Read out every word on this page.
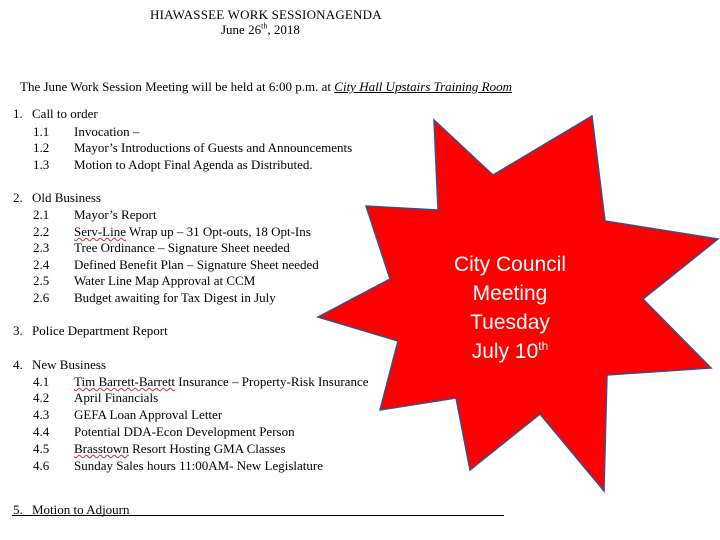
HIAWASSEE WORK SESSIONAGENDA
June 26th, 2018
The June Work Session Meeting will be held at 6:00 p.m. at City Hall Upstairs Training Room
1. Call to order
1.1 Invocation –
1.2 Mayor’s Introductions of Guests and Announcements
1.3 Motion to Adopt Final Agenda as Distributed.
2. Old Business
2.1 Mayor’s Report
2.2 Serv-Line Wrap up – 31 Opt-outs, 18 Opt-Ins
2.3 Tree Ordinance – Signature Sheet needed
2.4 Defined Benefit Plan – Signature Sheet needed
2.5 Water Line Map Approval at CCM
2.6 Budget awaiting for Tax Digest in July
3. Police Department Report
4. New Business
4.1 Tim Barrett-Barrett Insurance – Property-Risk Insurance
4.2 April Financials
4.3 GEFA Loan Approval Letter
4.4 Potential DDA-Econ Development Person
4.5 Brasstown Resort Hosting GMA Classes
4.6 Sunday Sales hours 11:00AM- New Legislature
5. Motion to Adjourn
City Council
Meeting
Tuesday
July 10th
